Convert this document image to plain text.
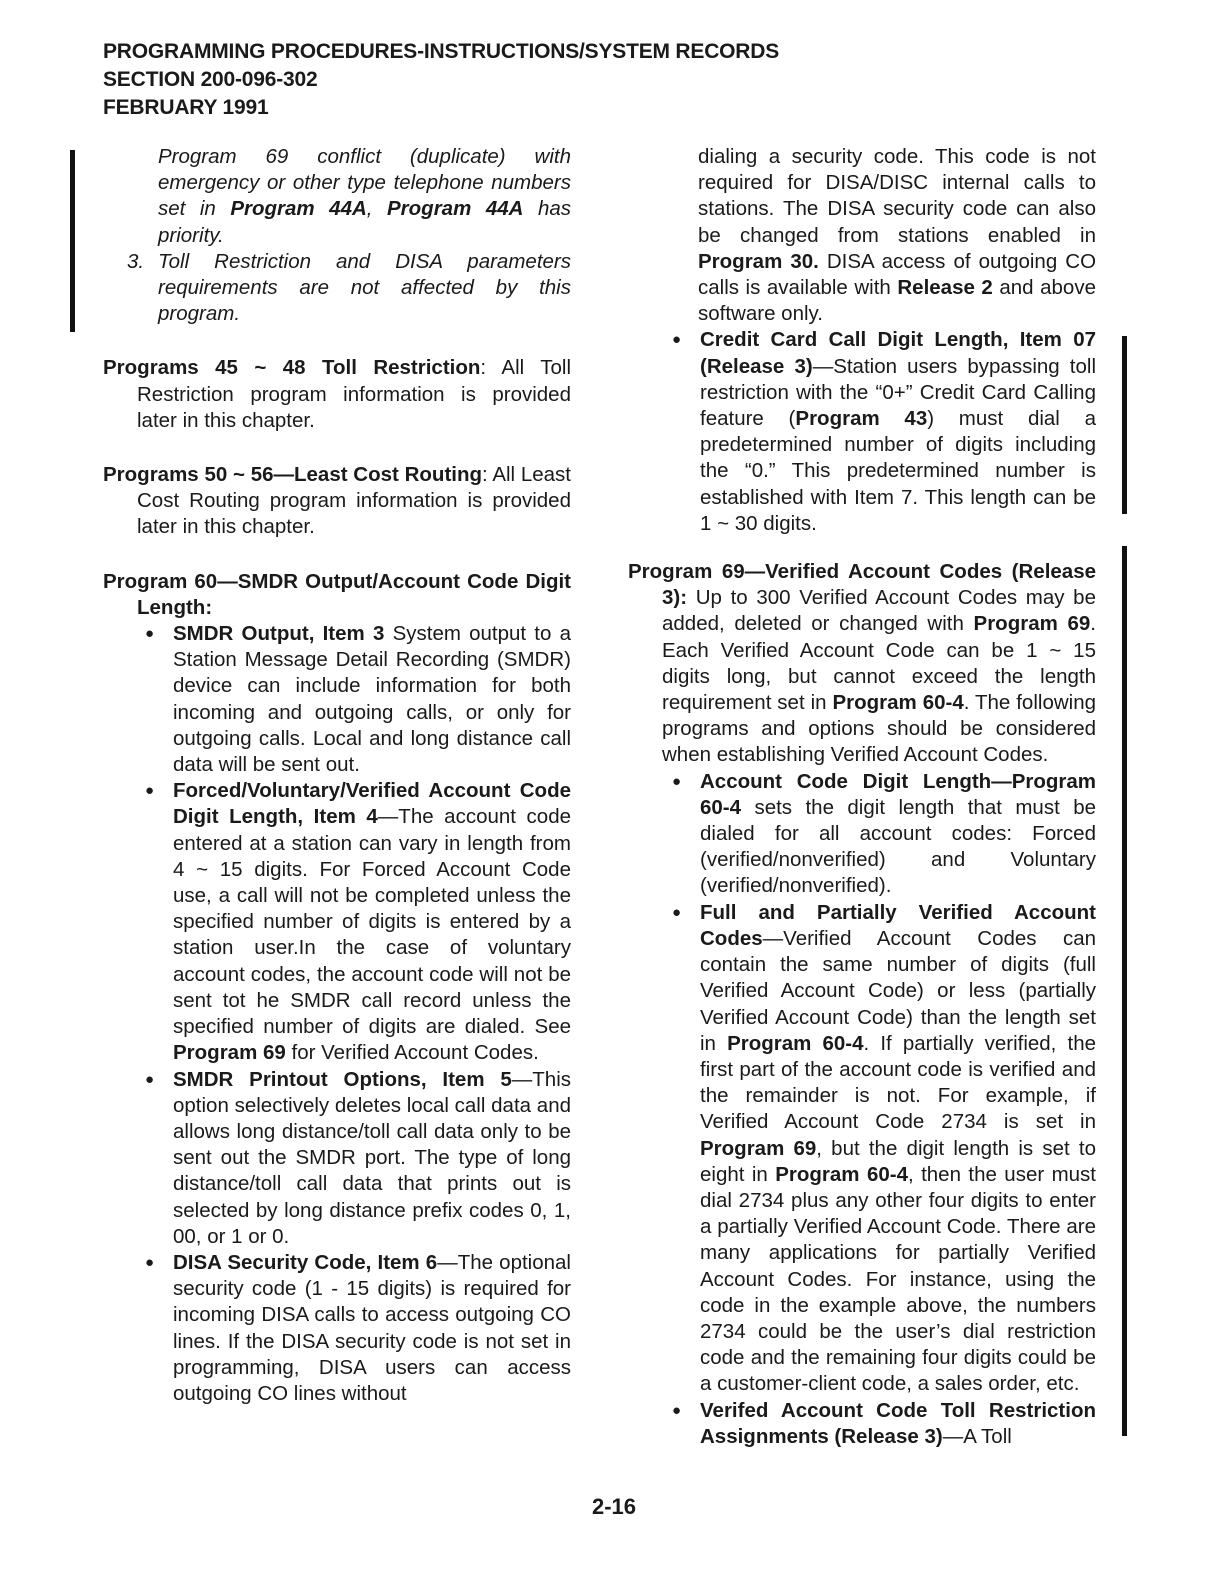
PROGRAMMING PROCEDURES-INSTRUCTIONS/SYSTEM RECORDS
SECTION 200-096-302
FEBRUARY 1991

Program 69 conflict (duplicate) with emergency or other type telephone numbers set in Program 44A, Program 44A has priority.

3. Toll Restriction and DISA parameters requirements are not affected by this program.

Programs 45 ~ 48 Toll Restriction: All Toll Restriction program information is provided later in this chapter.

Programs 50 ~ 56—Least Cost Routing: All Least Cost Routing program information is provided later in this chapter.

Program 60—SMDR Output/Account Code Digit Length:

● SMDR Output, Item 3 System output to a Station Message Detail Recording (SMDR) device can include information for both incoming and outgoing calls, or only for outgoing calls. Local and long distance call data will be sent out.
● Forced/Voluntary/Verified Account Code Digit Length, Item 4—The account code entered at a station can vary in length from 4 ~ 15 digits. For Forced Account Code use, a call will not be completed unless the specified number of digits is entered by a station user.In the case of voluntary account codes, the account code will not be sent tot he SMDR call record unless the specified number of digits are dialed. See Program 69 for Verified Account Codes.
● SMDR Printout Options, Item 5—This option selectively deletes local call data and allows long distance/toll call data only to be sent out the SMDR port. The type of long distance/toll call data that prints out is selected by long distance prefix codes 0, 1, 00, or 1 or 0.
● DISA Security Code, Item 6—The optional security code (1 - 15 digits) is required for incoming DISA calls to access outgoing CO lines. If the DISA security code is not set in programming, DISA users can access outgoing CO lines without

dialing a security code. This code is not required for DISA/DISC internal calls to stations. The DISA security code can also be changed from stations enabled in Program 30. DISA access of outgoing CO calls is available with Release 2 and above software only.

● Credit Card Call Digit Length, Item 07 (Release 3)—Station users bypassing toll restriction with the “0+” Credit Card Calling feature (Program 43) must dial a predetermined number of digits including the “0.” This predetermined number is established with Item 7. This length can be 1 ~ 30 digits.

Program 69—Verified Account Codes (Release 3): Up to 300 Verified Account Codes may be added, deleted or changed with Program 69. Each Verified Account Code can be 1 ~ 15 digits long, but cannot exceed the length requirement set in Program 60-4. The following programs and options should be considered when establishing Verified Account Codes.

● Account Code Digit Length—Program 60-4 sets the digit length that must be dialed for all account codes: Forced (verified/nonverified) and Voluntary (verified/nonverified).
● Full and Partially Verified Account Codes—Verified Account Codes can contain the same number of digits (full Verified Account Code) or less (partially Verified Account Code) than the length set in Program 60-4. If partially verified, the first part of the account code is verified and the remainder is not. For example, if Verified Account Code 2734 is set in Program 69, but the digit length is set to eight in Program 60-4, then the user must dial 2734 plus any other four digits to enter a partially Verified Account Code. There are many applications for partially Verified Account Codes. For instance, using the code in the example above, the numbers 2734 could be the user’s dial restriction code and the remaining four digits could be a customer-client code, a sales order, etc.
● Verifed Account Code Toll Restriction Assignments (Release 3)—A Toll
2-16
